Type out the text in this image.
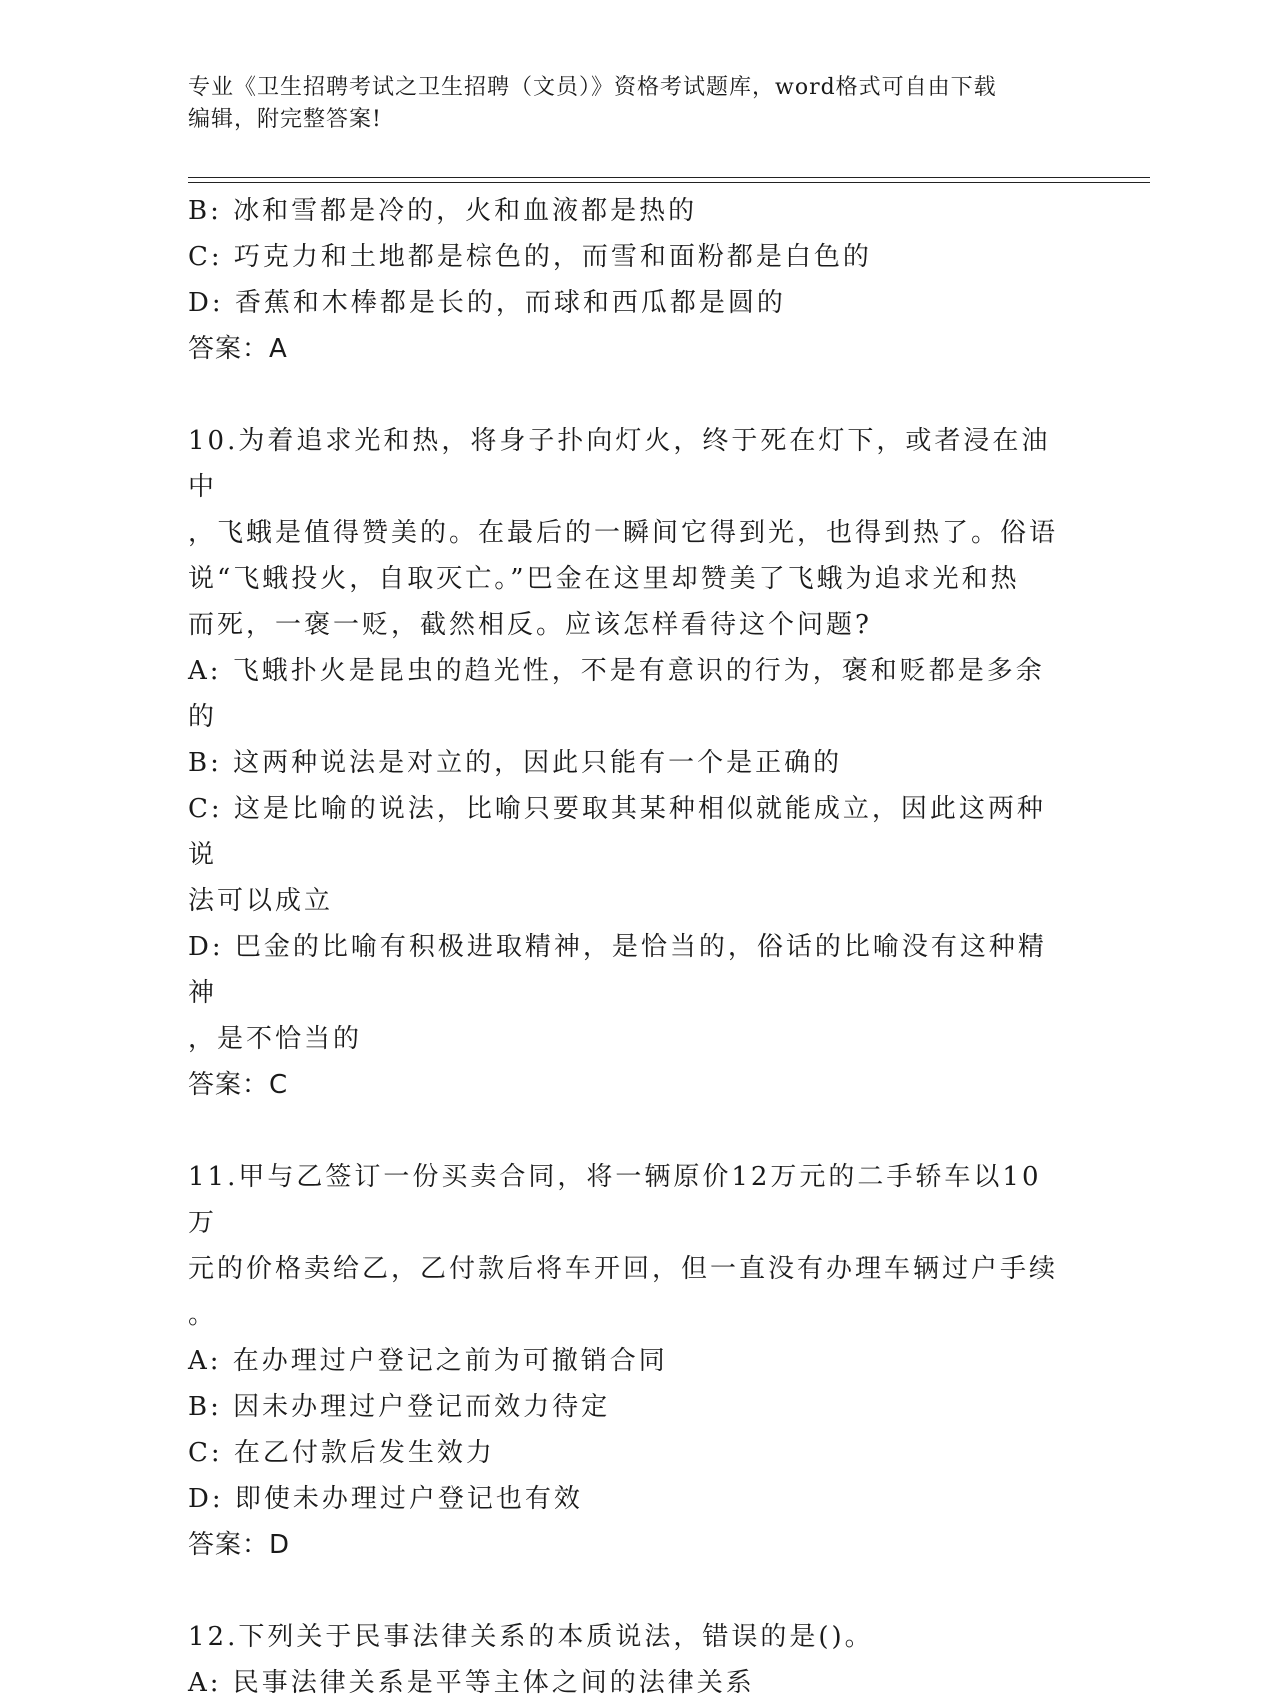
专业《卫生招聘考试之卫生招聘（文员）》资格考试题库，word格式可自由下载
编辑，附完整答案!

B: 冰和雪都是冷的，火和血液都是热的

C: 巧克力和土地都是棕色的，而雪和面粉都是白色的

D: 香蕉和木棒都是长的，而球和西瓜都是圆的

答案：A

10.为着追求光和热，将身子扑向灯火，终于死在灯下，或者浸在油中

，飞蛾是值得赞美的。在最后的一瞬间它得到光，也得到热了。俗语

说“飞蛾投火，自取灭亡。”巴金在这里却赞美了飞蛾为追求光和热

而死，一褒一贬，截然相反。应该怎样看待这个问题?

A: 飞蛾扑火是昆虫的趋光性，不是有意识的行为，褒和贬都是多余的

B: 这两种说法是对立的，因此只能有一个是正确的

C: 这是比喻的说法，比喻只要取其某种相似就能成立，因此这两种说

法可以成立

D: 巴金的比喻有积极进取精神，是恰当的，俗话的比喻没有这种精神

，是不恰当的

答案：C

11.甲与乙签订一份买卖合同，将一辆原价12万元的二手轿车以10万

元的价格卖给乙，乙付款后将车开回，但一直没有办理车辆过户手续

。

A: 在办理过户登记之前为可撤销合同

B: 因未办理过户登记而效力待定

C: 在乙付款后发生效力

D: 即使未办理过户登记也有效

答案：D

12.下列关于民事法律关系的本质说法，错误的是()。

A: 民事法律关系是平等主体之间的法律关系
